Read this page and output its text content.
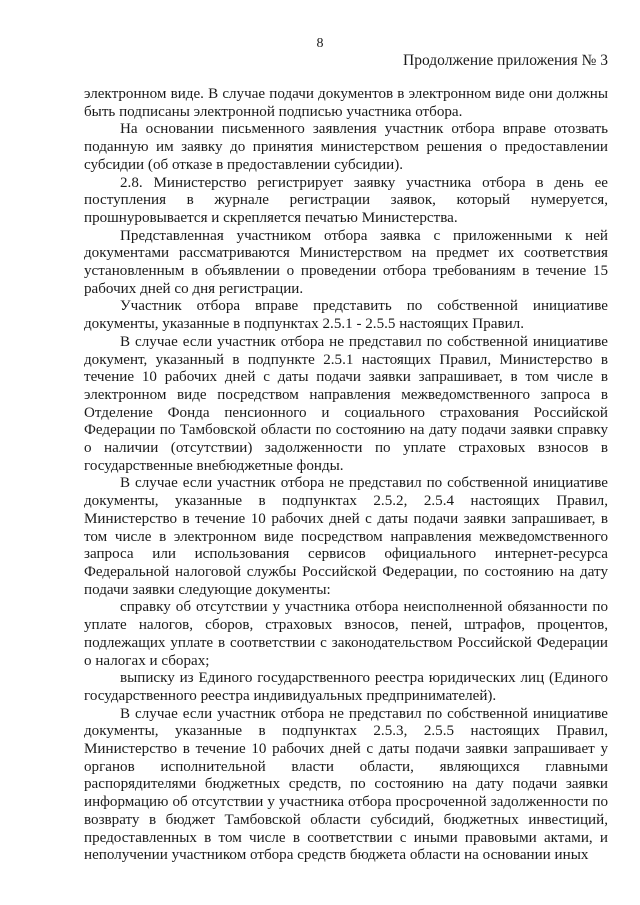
8
Продолжение приложения № 3

электронном виде. В случае подачи документов в электронном виде они должны быть подписаны электронной подписью участника отбора.

На основании письменного заявления участник отбора вправе отозвать поданную им заявку до принятия министерством решения о предоставлении субсидии (об отказе в предоставлении субсидии).

2.8. Министерство регистрирует заявку участника отбора в день ее поступления в журнале регистрации заявок, который нумеруется, прошнуровывается и скрепляется печатью Министерства.

Представленная участником отбора заявка с приложенными к ней документами рассматриваются Министерством на предмет их соответствия установленным в объявлении о проведении отбора требованиям в течение 15 рабочих дней со дня регистрации.

Участник отбора вправе представить по собственной инициативе документы, указанные в подпунктах 2.5.1 - 2.5.5 настоящих Правил.

В случае если участник отбора не представил по собственной инициативе документ, указанный в подпункте 2.5.1 настоящих Правил, Министерство в течение 10 рабочих дней с даты подачи заявки запрашивает, в том числе в электронном виде посредством направления межведомственного запроса в Отделение Фонда пенсионного и социального страхования Российской Федерации по Тамбовской области по состоянию на дату подачи заявки справку о наличии (отсутствии) задолженности по уплате страховых взносов в государственные внебюджетные фонды.

В случае если участник отбора не представил по собственной инициативе документы, указанные в подпунктах 2.5.2, 2.5.4 настоящих Правил, Министерство в течение 10 рабочих дней с даты подачи заявки запрашивает, в том числе в электронном виде посредством направления межведомственного запроса или использования сервисов официального интернет-ресурса Федеральной налоговой службы Российской Федерации, по состоянию на дату подачи заявки следующие документы:

справку об отсутствии у участника отбора неисполненной обязанности по уплате налогов, сборов, страховых взносов, пеней, штрафов, процентов, подлежащих уплате в соответствии с законодательством Российской Федерации о налогах и сборах;

выписку из Единого государственного реестра юридических лиц (Единого государственного реестра индивидуальных предпринимателей).

В случае если участник отбора не представил по собственной инициативе документы, указанные в подпунктах 2.5.3, 2.5.5 настоящих Правил, Министерство в течение 10 рабочих дней с даты подачи заявки запрашивает у органов исполнительной власти области, являющихся главными распорядителями бюджетных средств, по состоянию на дату подачи заявки информацию об отсутствии у участника отбора просроченной задолженности по возврату в бюджет Тамбовской области субсидий, бюджетных инвестиций, предоставленных в том числе в соответствии с иными правовыми актами, и неполучении участником отбора средств бюджета области на основании иных
